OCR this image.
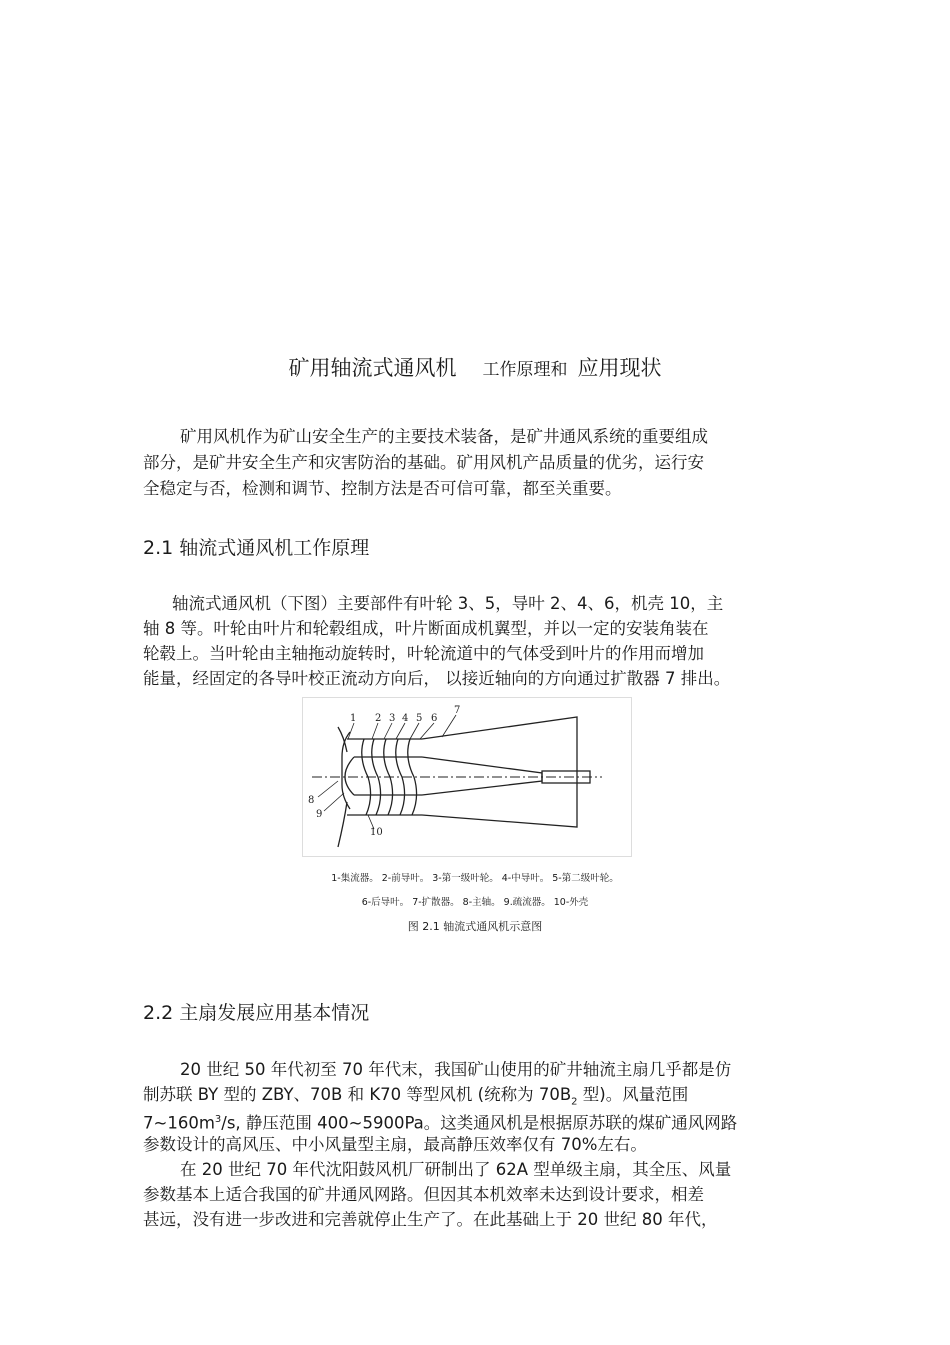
矿用轴流式通风机 工作原理和 应用现状
矿用风机作为矿山安全生产的主要技术装备，是矿井通风系统的重要组成
部分，是矿井安全生产和灾害防治的基础。矿用风机产品质量的优劣，运行安
全稳定与否，检测和调节、控制方法是否可信可靠，都至关重要。
2.1 轴流式通风机工作原理
轴流式通风机（下图）主要部件有叶轮 3、5，导叶 2、4、6，机壳 10，主
轴 8 等。叶轮由叶片和轮毂组成，叶片断面成机翼型，并以一定的安装角装在
轮毂上。当叶轮由主轴拖动旋转时，叶轮流道中的气体受到叶片的作用而增加
能量，经固定的各导叶校正流动方向后， 以接近轴向的方向通过扩散器 7 排出。
1 2 3 4 5 6
7
8
9
10
1-集流器。 2-前导叶。 3-第一级叶轮。 4-中导叶。 5-第二级叶轮。
6-后导叶。 7-扩散器。 8-主轴。 9.疏流器。 10-外壳
图 2.1 轴流式通风机示意图
2.2 主扇发展应用基本情况
20 世纪 50 年代初至 70 年代末，我国矿山使用的矿井轴流主扇几乎都是仿
制苏联 BY 型的 ZBY、70B 和 K70 等型风机 (统称为 $70B_2$ 型)。风量范围
$7\sim 160m^3/s$, 静压范围 400~5900Pa。这类通风机是根据原苏联的煤矿通风网路
参数设计的高风压、中小风量型主扇，最高静压效率仅有 70%左右。
在 20 世纪 70 年代沈阳鼓风机厂研制出了 62A 型单级主扇，其全压、风量
参数基本上适合我国的矿井通风网路。但因其本机效率未达到设计要求，相差
甚远，没有进一步改进和完善就停止生产了。在此基础上于 20 世纪 80 年代，
